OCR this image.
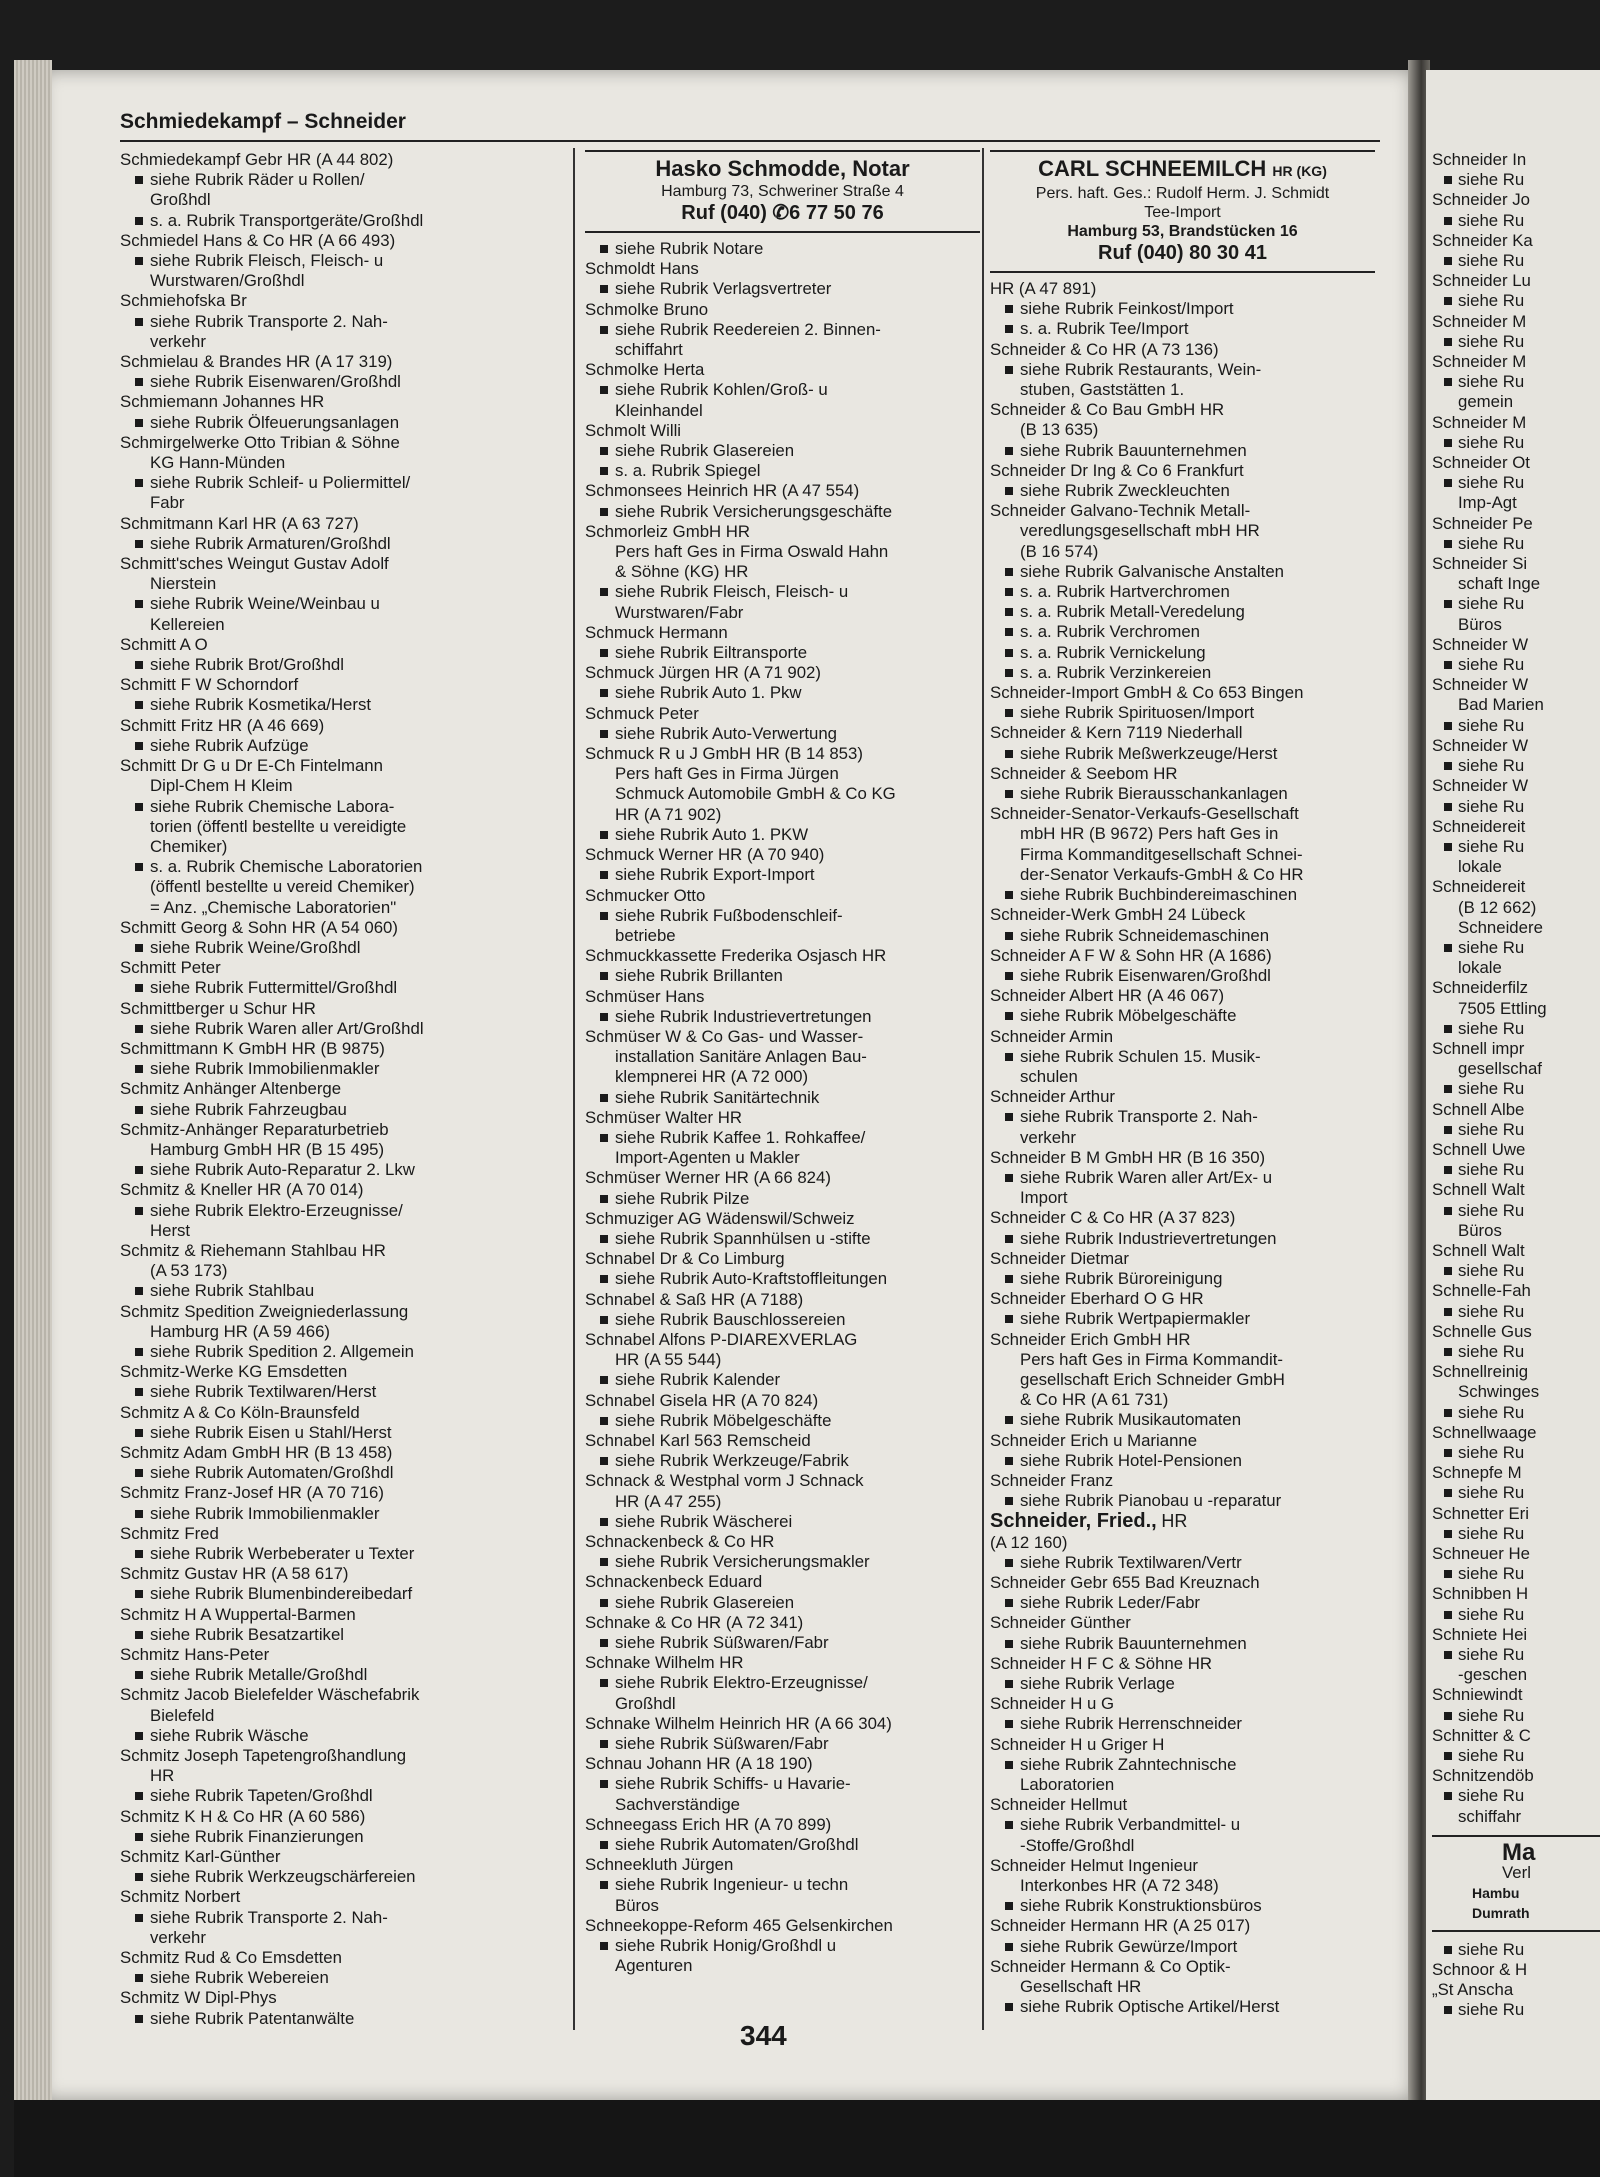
Schmiedekampf – Schneider
Schmiedekampf Gebr HR (A 44 802)
siehe Rubrik Räder u Rollen/
Großhdl
s. a. Rubrik Transportgeräte/Großhdl
Schmiedel Hans & Co HR (A 66 493)
siehe Rubrik Fleisch, Fleisch- u
Wurstwaren/Großhdl
Schmiehofska Br
siehe Rubrik Transporte 2. Nah-
verkehr
Schmielau & Brandes HR (A 17 319)
siehe Rubrik Eisenwaren/Großhdl
Schmiemann Johannes HR
siehe Rubrik Ölfeuerungsanlagen
Schmirgelwerke Otto Tribian & Söhne
KG Hann-Münden
siehe Rubrik Schleif- u Poliermittel/
Fabr
Schmitmann Karl HR (A 63 727)
siehe Rubrik Armaturen/Großhdl
Schmitt'sches Weingut Gustav Adolf
Nierstein
siehe Rubrik Weine/Weinbau u
Kellereien
Schmitt A O
siehe Rubrik Brot/Großhdl
Schmitt F W Schorndorf
siehe Rubrik Kosmetika/Herst
Schmitt Fritz HR (A 46 669)
siehe Rubrik Aufzüge
Schmitt Dr G u Dr E-Ch Fintelmann
Dipl-Chem H Kleim
siehe Rubrik Chemische Labora-
torien (öffentl bestellte u vereidigte
Chemiker)
s. a. Rubrik Chemische Laboratorien
(öffentl bestellte u vereid Chemiker)
= Anz. „Chemische Laboratorien"
Schmitt Georg & Sohn HR (A 54 060)
siehe Rubrik Weine/Großhdl
Schmitt Peter
siehe Rubrik Futtermittel/Großhdl
Schmittberger u Schur HR
siehe Rubrik Waren aller Art/Großhdl
Schmittmann K GmbH HR (B 9875)
siehe Rubrik Immobilienmakler
Schmitz Anhänger Altenberge
siehe Rubrik Fahrzeugbau
Schmitz-Anhänger Reparaturbetrieb
Hamburg GmbH HR (B 15 495)
siehe Rubrik Auto-Reparatur 2. Lkw
Schmitz & Kneller HR (A 70 014)
siehe Rubrik Elektro-Erzeugnisse/
Herst
Schmitz & Riehemann Stahlbau HR
(A 53 173)
siehe Rubrik Stahlbau
Schmitz Spedition Zweigniederlassung
Hamburg HR (A 59 466)
siehe Rubrik Spedition 2. Allgemein
Schmitz-Werke KG Emsdetten
siehe Rubrik Textilwaren/Herst
Schmitz A & Co Köln-Braunsfeld
siehe Rubrik Eisen u Stahl/Herst
Schmitz Adam GmbH HR (B 13 458)
siehe Rubrik Automaten/Großhdl
Schmitz Franz-Josef HR (A 70 716)
siehe Rubrik Immobilienmakler
Schmitz Fred
siehe Rubrik Werbeberater u Texter
Schmitz Gustav HR (A 58 617)
siehe Rubrik Blumenbindereibedarf
Schmitz H A Wuppertal-Barmen
siehe Rubrik Besatzartikel
Schmitz Hans-Peter
siehe Rubrik Metalle/Großhdl
Schmitz Jacob Bielefelder Wäschefabrik
Bielefeld
siehe Rubrik Wäsche
Schmitz Joseph Tapetengroßhandlung
HR
siehe Rubrik Tapeten/Großhdl
Schmitz K H & Co HR (A 60 586)
siehe Rubrik Finanzierungen
Schmitz Karl-Günther
siehe Rubrik Werkzeugschärfereien
Schmitz Norbert
siehe Rubrik Transporte 2. Nah-
verkehr
Schmitz Rud & Co Emsdetten
siehe Rubrik Webereien
Schmitz W Dipl-Phys
siehe Rubrik Patentanwälte
Hasko Schmodde, Notar
Hamburg 73, Schweriner Straße 4
Ruf (040) ✆6 77 50 76
siehe Rubrik Notare
Schmoldt Hans
siehe Rubrik Verlagsvertreter
Schmolke Bruno
siehe Rubrik Reedereien 2. Binnen-
schiffahrt
Schmolke Herta
siehe Rubrik Kohlen/Groß- u
Kleinhandel
Schmolt Willi
siehe Rubrik Glasereien
s. a. Rubrik Spiegel
Schmonsees Heinrich HR (A 47 554)
siehe Rubrik Versicherungsgeschäfte
Schmorleiz GmbH HR
Pers haft Ges in Firma Oswald Hahn
& Söhne (KG) HR
siehe Rubrik Fleisch, Fleisch- u
Wurstwaren/Fabr
Schmuck Hermann
siehe Rubrik Eiltransporte
Schmuck Jürgen HR (A 71 902)
siehe Rubrik Auto 1. Pkw
Schmuck Peter
siehe Rubrik Auto-Verwertung
Schmuck R u J GmbH HR (B 14 853)
Pers haft Ges in Firma Jürgen
Schmuck Automobile GmbH & Co KG
HR (A 71 902)
siehe Rubrik Auto 1. PKW
Schmuck Werner HR (A 70 940)
siehe Rubrik Export-Import
Schmucker Otto
siehe Rubrik Fußbodenschleif-
betriebe
Schmuckkassette Frederika Osjasch HR
siehe Rubrik Brillanten
Schmüser Hans
siehe Rubrik Industrievertretungen
Schmüser W & Co Gas- und Wasser-
installation Sanitäre Anlagen Bau-
klempnerei HR (A 72 000)
siehe Rubrik Sanitärtechnik
Schmüser Walter HR
siehe Rubrik Kaffee 1. Rohkaffee/
Import-Agenten u Makler
Schmüser Werner HR (A 66 824)
siehe Rubrik Pilze
Schmuziger AG Wädenswil/Schweiz
siehe Rubrik Spannhülsen u -stifte
Schnabel Dr & Co Limburg
siehe Rubrik Auto-Kraftstoffleitungen
Schnabel & Saß HR (A 7188)
siehe Rubrik Bauschlossereien
Schnabel Alfons P-DIAREXVERLAG
HR (A 55 544)
siehe Rubrik Kalender
Schnabel Gisela HR (A 70 824)
siehe Rubrik Möbelgeschäfte
Schnabel Karl 563 Remscheid
siehe Rubrik Werkzeuge/Fabrik
Schnack & Westphal vorm J Schnack
HR (A 47 255)
siehe Rubrik Wäscherei
Schnackenbeck & Co HR
siehe Rubrik Versicherungsmakler
Schnackenbeck Eduard
siehe Rubrik Glasereien
Schnake & Co HR (A 72 341)
siehe Rubrik Süßwaren/Fabr
Schnake Wilhelm HR
siehe Rubrik Elektro-Erzeugnisse/
Großhdl
Schnake Wilhelm Heinrich HR (A 66 304)
siehe Rubrik Süßwaren/Fabr
Schnau Johann HR (A 18 190)
siehe Rubrik Schiffs- u Havarie-
Sachverständige
Schneegass Erich HR (A 70 899)
siehe Rubrik Automaten/Großhdl
Schneekluth Jürgen
siehe Rubrik Ingenieur- u techn
Büros
Schneekoppe-Reform 465 Gelsenkirchen
siehe Rubrik Honig/Großhdl u
Agenturen
CARL SCHNEEMILCH HR (KG)
Pers. haft. Ges.: Rudolf Herm. J. Schmidt
Tee-Import
Hamburg 53, Brandstücken 16
Ruf (040) 80 30 41
HR (A 47 891)
siehe Rubrik Feinkost/Import
s. a. Rubrik Tee/Import
Schneider & Co HR (A 73 136)
siehe Rubrik Restaurants, Wein-
stuben, Gaststätten 1.
Schneider & Co Bau GmbH HR
(B 13 635)
siehe Rubrik Bauunternehmen
Schneider Dr Ing & Co 6 Frankfurt
siehe Rubrik Zweckleuchten
Schneider Galvano-Technik Metall-
veredlungsgesellschaft mbH HR
(B 16 574)
siehe Rubrik Galvanische Anstalten
s. a. Rubrik Hartverchromen
s. a. Rubrik Metall-Veredelung
s. a. Rubrik Verchromen
s. a. Rubrik Vernickelung
s. a. Rubrik Verzinkereien
Schneider-Import GmbH & Co 653 Bingen
siehe Rubrik Spirituosen/Import
Schneider & Kern 7119 Niederhall
siehe Rubrik Meßwerkzeuge/Herst
Schneider & Seebom HR
siehe Rubrik Bierausschankanlagen
Schneider-Senator-Verkaufs-Gesellschaft
mbH HR (B 9672) Pers haft Ges in
Firma Kommanditgesellschaft Schnei-
der-Senator Verkaufs-GmbH & Co HR
siehe Rubrik Buchbindereimaschinen
Schneider-Werk GmbH 24 Lübeck
siehe Rubrik Schneidemaschinen
Schneider A F W & Sohn HR (A 1686)
siehe Rubrik Eisenwaren/Großhdl
Schneider Albert HR (A 46 067)
siehe Rubrik Möbelgeschäfte
Schneider Armin
siehe Rubrik Schulen 15. Musik-
schulen
Schneider Arthur
siehe Rubrik Transporte 2. Nah-
verkehr
Schneider B M GmbH HR (B 16 350)
siehe Rubrik Waren aller Art/Ex- u
Import
Schneider C & Co HR (A 37 823)
siehe Rubrik Industrievertretungen
Schneider Dietmar
siehe Rubrik Büroreinigung
Schneider Eberhard O G HR
siehe Rubrik Wertpapiermakler
Schneider Erich GmbH HR
Pers haft Ges in Firma Kommandit-
gesellschaft Erich Schneider GmbH
& Co HR (A 61 731)
siehe Rubrik Musikautomaten
Schneider Erich u Marianne
siehe Rubrik Hotel-Pensionen
Schneider Franz
siehe Rubrik Pianobau u -reparatur
Schneider, Fried., HR
(A 12 160)
siehe Rubrik Textilwaren/Vertr
Schneider Gebr 655 Bad Kreuznach
siehe Rubrik Leder/Fabr
Schneider Günther
siehe Rubrik Bauunternehmen
Schneider H F C & Söhne HR
siehe Rubrik Verlage
Schneider H u G
siehe Rubrik Herrenschneider
Schneider H u Griger H
siehe Rubrik Zahntechnische
Laboratorien
Schneider Hellmut
siehe Rubrik Verbandmittel- u
-Stoffe/Großhdl
Schneider Helmut Ingenieur
Interkonbes HR (A 72 348)
siehe Rubrik Konstruktionsbüros
Schneider Hermann HR (A 25 017)
siehe Rubrik Gewürze/Import
Schneider Hermann & Co Optik-
Gesellschaft HR
siehe Rubrik Optische Artikel/Herst
344
Schneider In
siehe Ru
Schneider Jo
siehe Ru
Schneider Ka
siehe Ru
Schneider Lu
siehe Ru
Schneider M
siehe Ru
Schneider M
siehe Ru
gemein
Schneider M
siehe Ru
Schneider Ot
siehe Ru
Imp-Agt
Schneider Pe
siehe Ru
Schneider Si
schaft Inge
siehe Ru
Büros
Schneider W
siehe Ru
Schneider W
Bad Marien
siehe Ru
Schneider W
siehe Ru
Schneider W
siehe Ru
Schneidereit
siehe Ru
lokale
Schneidereit
(B 12 662)
Schneidere
siehe Ru
lokale
Schneiderfilz
7505 Ettling
siehe Ru
Schnell impr
gesellschaf
siehe Ru
Schnell Albe
siehe Ru
Schnell Uwe
siehe Ru
Schnell Walt
siehe Ru
Büros
Schnell Walt
siehe Ru
Schnelle-Fah
siehe Ru
Schnelle Gus
siehe Ru
Schnellreinig
Schwinges
siehe Ru
Schnellwaage
siehe Ru
Schnepfe M
siehe Ru
Schnetter Eri
siehe Ru
Schneuer He
siehe Ru
Schnibben H
siehe Ru
Schniete Hei
siehe Ru
-geschen
Schniewindt
siehe Ru
Schnitter & C
siehe Ru
Schnitzendöb
siehe Ru
schiffahr
Ma
Verl
Hambu
Dumrath
siehe Ru
Schnoor & H
„St Anscha
siehe Ru
